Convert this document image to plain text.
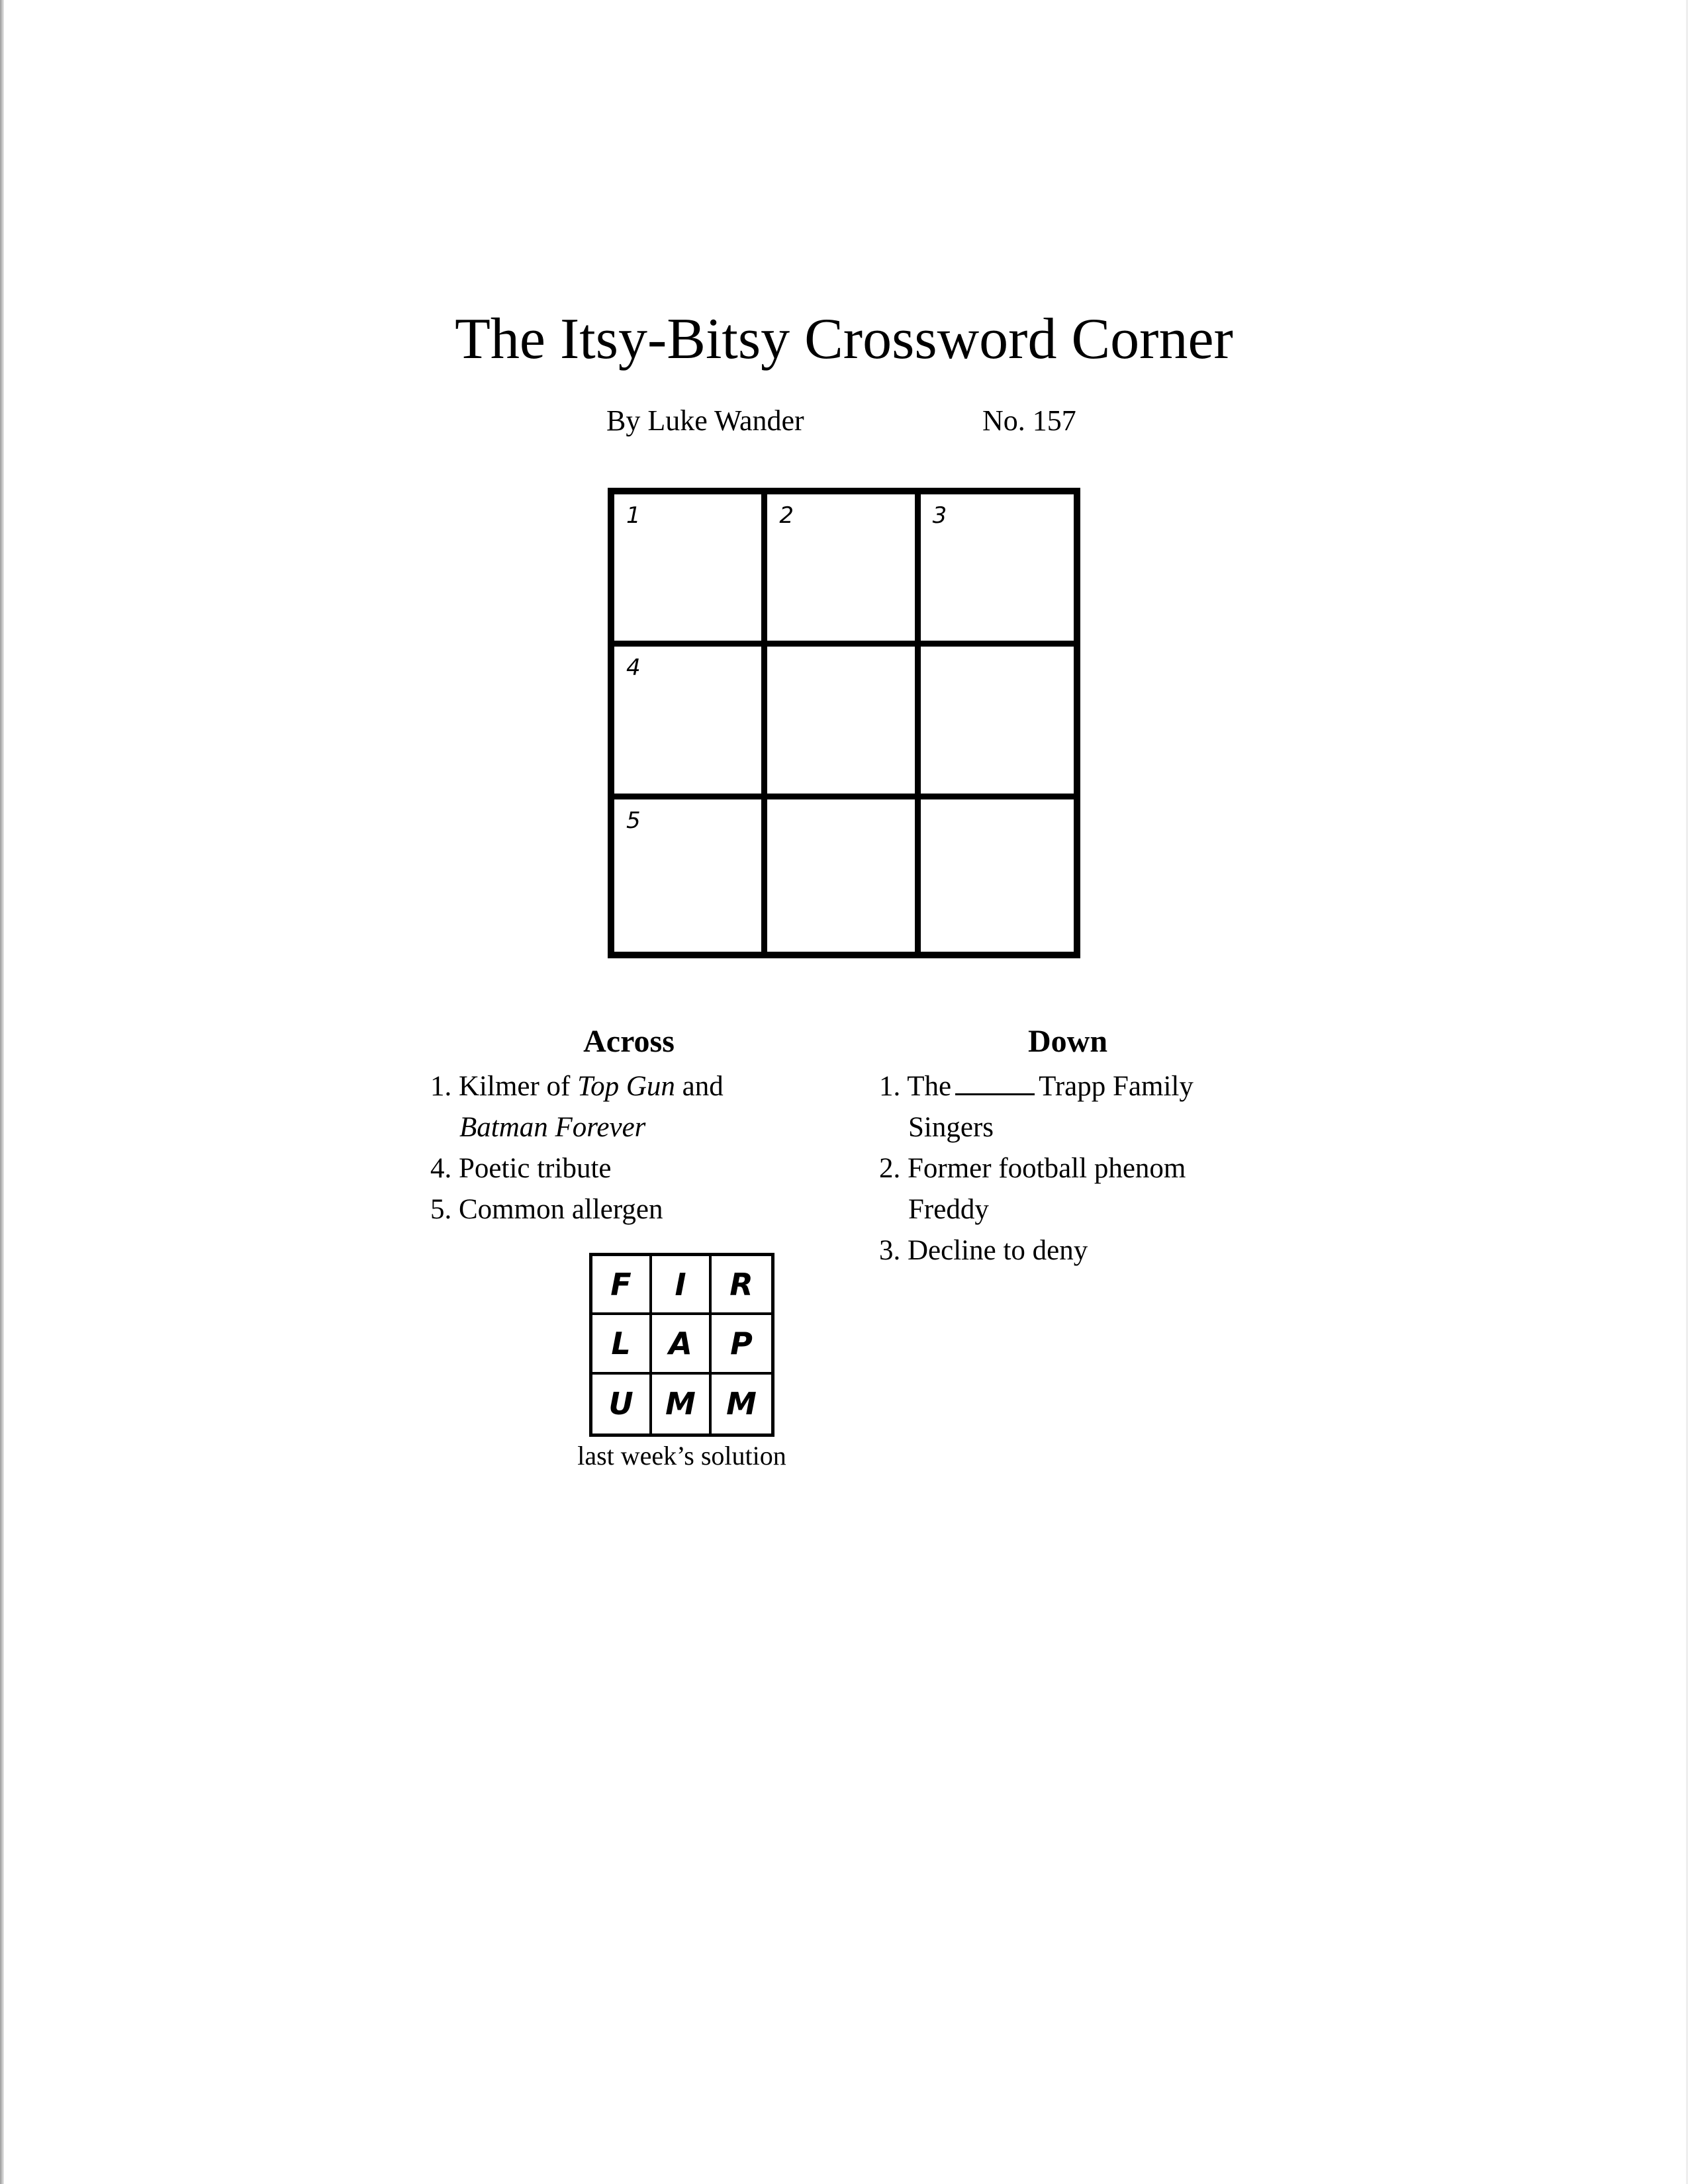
The Itsy-Bitsy Crossword Corner
By Luke Wander	No. 157
1	2	3
4
5
Across
1. Kilmer of Top Gun and Batman Forever
4. Poetic tribute
5. Common allergen
Down
1. The	Trapp Family Singers
2. Former football phenom Freddy
3. Decline to deny
F	I	R
L	A	P
U	M	M
last week’s solution
